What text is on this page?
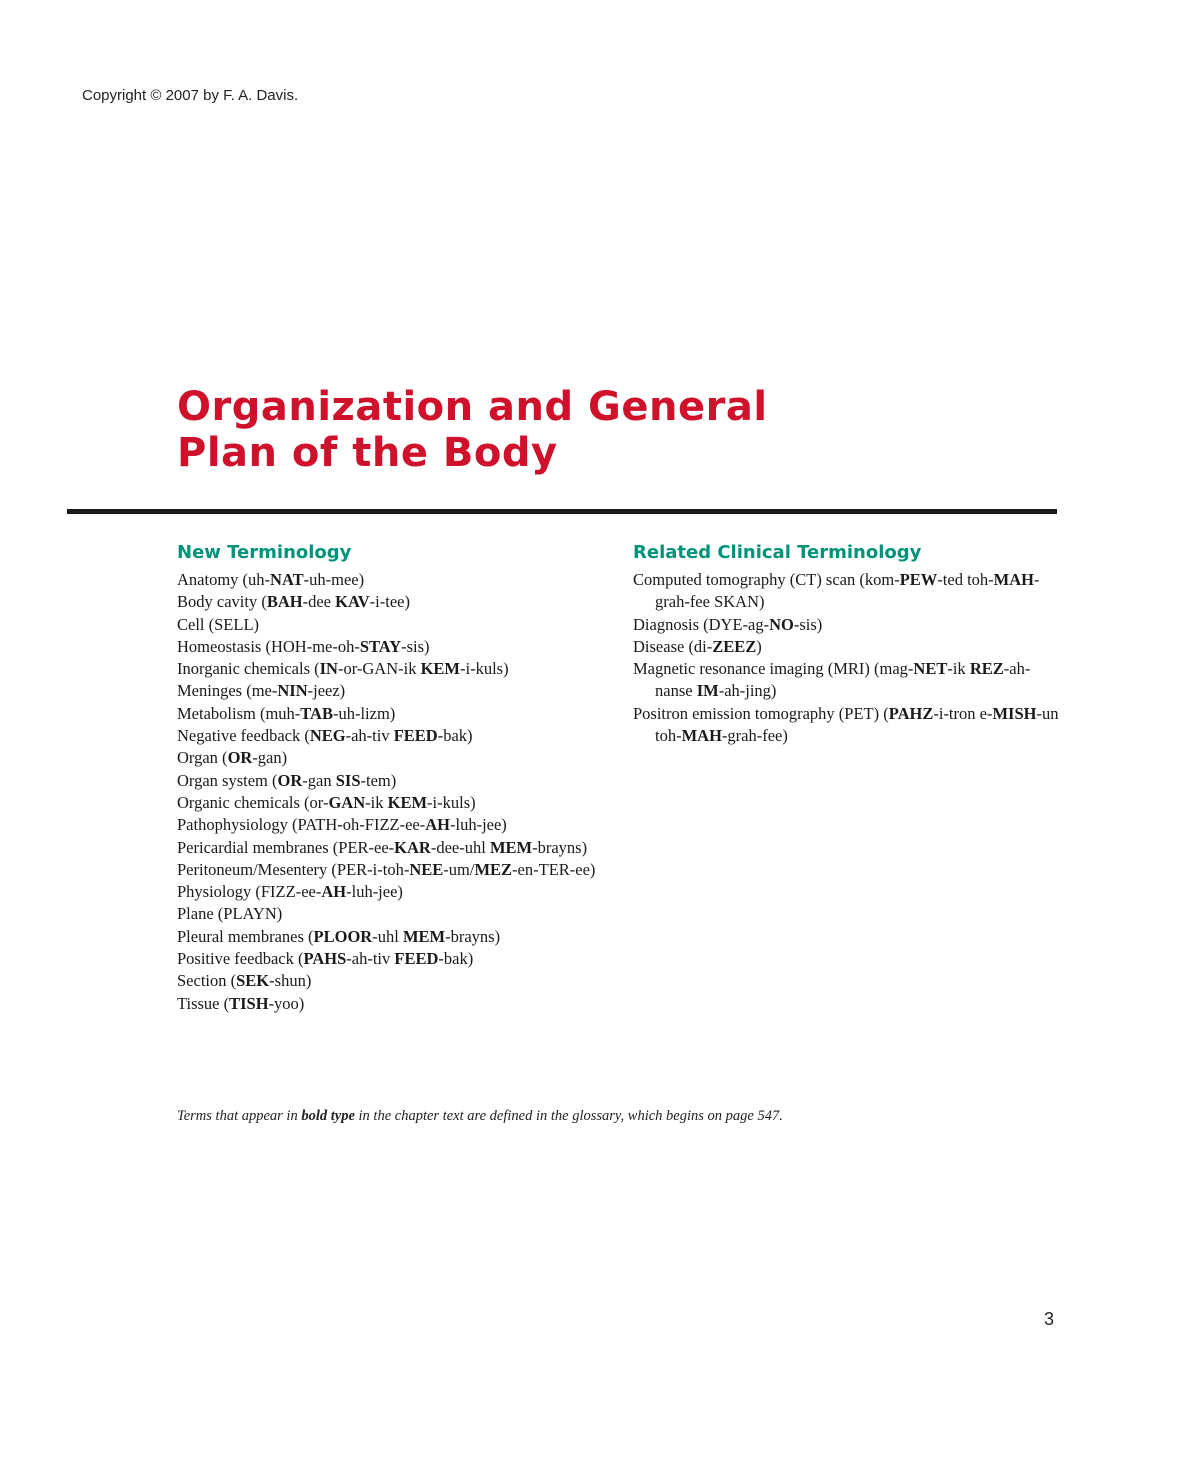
Copyright © 2007 by F. A. Davis.
Organization and General
Plan of the Body
New Terminology
Anatomy (uh-NAT-uh-mee)
Body cavity (BAH-dee KAV-i-tee)
Cell (SELL)
Homeostasis (HOH-me-oh-STAY-sis)
Inorganic chemicals (IN-or-GAN-ik KEM-i-kuls)
Meninges (me-NIN-jeez)
Metabolism (muh-TAB-uh-lizm)
Negative feedback (NEG-ah-tiv FEED-bak)
Organ (OR-gan)
Organ system (OR-gan SIS-tem)
Organic chemicals (or-GAN-ik KEM-i-kuls)
Pathophysiology (PATH-oh-FIZZ-ee-AH-luh-jee)
Pericardial membranes (PER-ee-KAR-dee-uhl MEM-brayns)
Peritoneum/Mesentery (PER-i-toh-NEE-um/MEZ-en-TER-ee)
Physiology (FIZZ-ee-AH-luh-jee)
Plane (PLAYN)
Pleural membranes (PLOOR-uhl MEM-brayns)
Positive feedback (PAHS-ah-tiv FEED-bak)
Section (SEK-shun)
Tissue (TISH-yoo)
Related Clinical Terminology
Computed tomography (CT) scan (kom-PEW-ted toh-MAH-grah-fee SKAN)
Diagnosis (DYE-ag-NO-sis)
Disease (di-ZEEZ)
Magnetic resonance imaging (MRI) (mag-NET-ik REZ-ah-nanse IM-ah-jing)
Positron emission tomography (PET) (PAHZ-i-tron e-MISH-un toh-MAH-grah-fee)

Terms that appear in bold type in the chapter text are defined in the glossary, which begins on page 547.

3
